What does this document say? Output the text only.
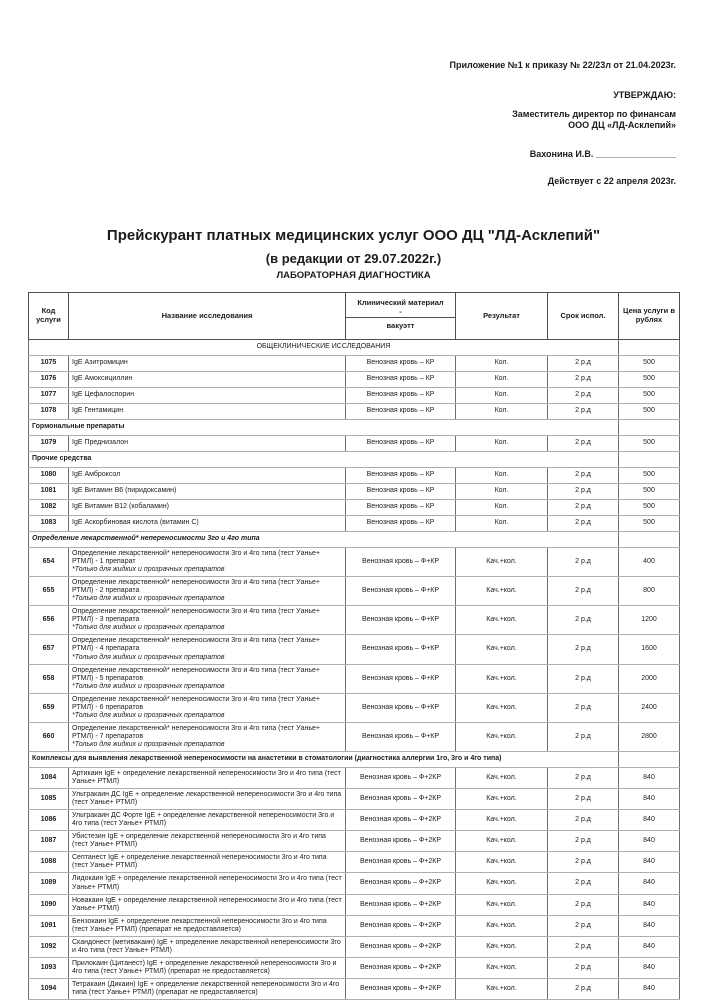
Приложение №1 к приказу № 22/23л от 21.04.2023г.
УТВЕРЖДАЮ:
Заместитель директор по финансам
ООО ДЦ «ЛД-Асклепий»
Вахонина И.В. ________________
Действует с 22 апреля 2023г.
Прейскурант платных медицинских услуг ООО ДЦ "ЛД-Асклепий"
(в редакции от 29.07.2022г.)
ЛАБОРАТОРНАЯ ДИАГНОСТИКА
Код услуги	Название исследования	Клинический материал
-
вакуэтт	Результат	Срок испол.	Цена услуги в рублях
ОБЩЕКЛИНИЧЕСКИЕ ИССЛЕДОВАНИЯ					
1075	IgE Азитромицин	Венозная кровь – КР	Кол.	2 р.д	500
1076	IgE Амоксициллин	Венозная кровь – КР	Кол.	2 р.д	500
1077	IgE Цефалоспорин	Венозная кровь – КР	Кол.	2 р.д	500
1078	IgE Гентамицин	Венозная кровь – КР	Кол.	2 р.д	500
Гормональные препараты					
1079	IgE Преднизалон	Венозная кровь – КР	Кол.	2 р.д	500
Прочие средства					
1080	IgE Амброксол	Венозная кровь – КР	Кол.	2 р.д	500
1081	IgE Витамин В6 (пиридоксамин)	Венозная кровь – КР	Кол.	2 р.д	500
1082	IgE Витамин В12 (кобаламин)	Венозная кровь – КР	Кол.	2 р.д	500
1083	IgE Аскорбиновая кислота (витамин С)	Венозная кровь – КР	Кол.	2 р.д	500
Определение лекарственной* непереносимости 3го и 4го типа					
654	Определение лекарственной* непереносимости 3го и 4го типа (тест Уанье+ РТМЛ) - 1 препарат
*Только для жидких и прозрачных препаратов	Венозная кровь – Ф+КР	Кач.+кол.	2 р.д	400
655	Определение лекарственной* непереносимости 3го и 4го типа (тест Уанье+ РТМЛ) - 2 препарата
*Только для жидких и прозрачных препаратов	Венозная кровь – Ф+КР	Кач.+кол.	2 р.д	800
656	Определение лекарственной* непереносимости 3го и 4го типа (тест Уанье+ РТМЛ) - 3 препарата
*Только для жидких и прозрачных препаратов	Венозная кровь – Ф+КР	Кач.+кол.	2 р.д	1200
657	Определение лекарственной* непереносимости 3го и 4го типа (тест Уанье+ РТМЛ) - 4 препарата
*Только для жидких и прозрачных препаратов	Венозная кровь – Ф+КР	Кач.+кол.	2 р.д	1600
658	Определение лекарственной* непереносимости 3го и 4го типа (тест Уанье+ РТМЛ) - 5 препаратов
*Только для жидких и прозрачных препаратов	Венозная кровь – Ф+КР	Кач.+кол.	2 р.д	2000
659	Определение лекарственной* непереносимости 3го и 4го типа (тест Уанье+ РТМЛ) - 6 препаратов
*Только для жидких и прозрачных препаратов	Венозная кровь – Ф+КР	Кач.+кол.	2 р.д	2400
660	Определение лекарственной* непереносимости 3го и 4го типа (тест Уанье+ РТМЛ) - 7 препаратов
*Только для жидких и прозрачных препаратов	Венозная кровь – Ф+КР	Кач.+кол.	2 р.д	2800
Комплексы для выявления лекарственной непереносимости на анастетики в стоматологии (диагностика аллергии 1го, 3го и 4го типа)					
1084	Артикаин IgE + определение лекарственной непереносимости 3го и 4го типа (тест Уанье+ РТМЛ)	Венозная кровь – Ф+2КР	Кач.+кол.	2 р.д	840
1085	Ультракаин ДС IgE + определение лекарственной непереносимости 3го и 4го типа (тест Уанье+ РТМЛ)	Венозная кровь – Ф+2КР	Кач.+кол.	2 р.д	840
1086	Ультракаин ДС Форте IgE + определение лекарственной непереносимости 3го и 4го типа (тест Уанье+ РТМЛ)	Венозная кровь – Ф+2КР	Кач.+кол.	2 р.д	840
1087	Убистезин IgE + определение лекарственной непереносимости 3го и 4го типа (тест Уанье+ РТМЛ)	Венозная кровь – Ф+2КР	Кач.+кол.	2 р.д	840
1088	Септанест IgE + определение лекарственной непереносимости 3го и 4го типа (тест Уанье+ РТМЛ)	Венозная кровь – Ф+2КР	Кач.+кол.	2 р.д	840
1089	Лидокаин IgE + определение лекарственной непереносимости 3го и 4го типа (тест Уанье+ РТМЛ)	Венозная кровь – Ф+2КР	Кач.+кол.	2 р.д	840
1090	Новакаин IgE + определение лекарственной непереносимости 3го и 4го типа (тест Уанье+ РТМЛ)	Венозная кровь – Ф+2КР	Кач.+кол.	2 р.д	840
1091	Бензокаин IgE + определение лекарственной непереносимости 3го и 4го типа (тест Уанье+ РТМЛ) (препарат не предоставляется)	Венозная кровь – Ф+2КР	Кач.+кол.	2 р.д	840
1092	Скандонест (метивакаин) IgE + определение лекарственной непереносимости 3го и 4го типа (тест Уанье+ РТМЛ)	Венозная кровь – Ф+2КР	Кач.+кол.	2 р.д	840
1093	Прилокаин (Цитанест) IgE + определение лекарственной непереносимости 3го и 4го типа (тест Уанье+ РТМЛ) (препарат не предоставляется)	Венозная кровь – Ф+2КР	Кач.+кол.	2 р.д	840
1094	Тетракаин (Дикаин) IgE + определение лекарственной непереносимости 3го и 4го типа (тест Уанье+ РТМЛ) (препарат не предоставляется)	Венозная кровь – Ф+2КР	Кач.+кол.	2 р.д	840
